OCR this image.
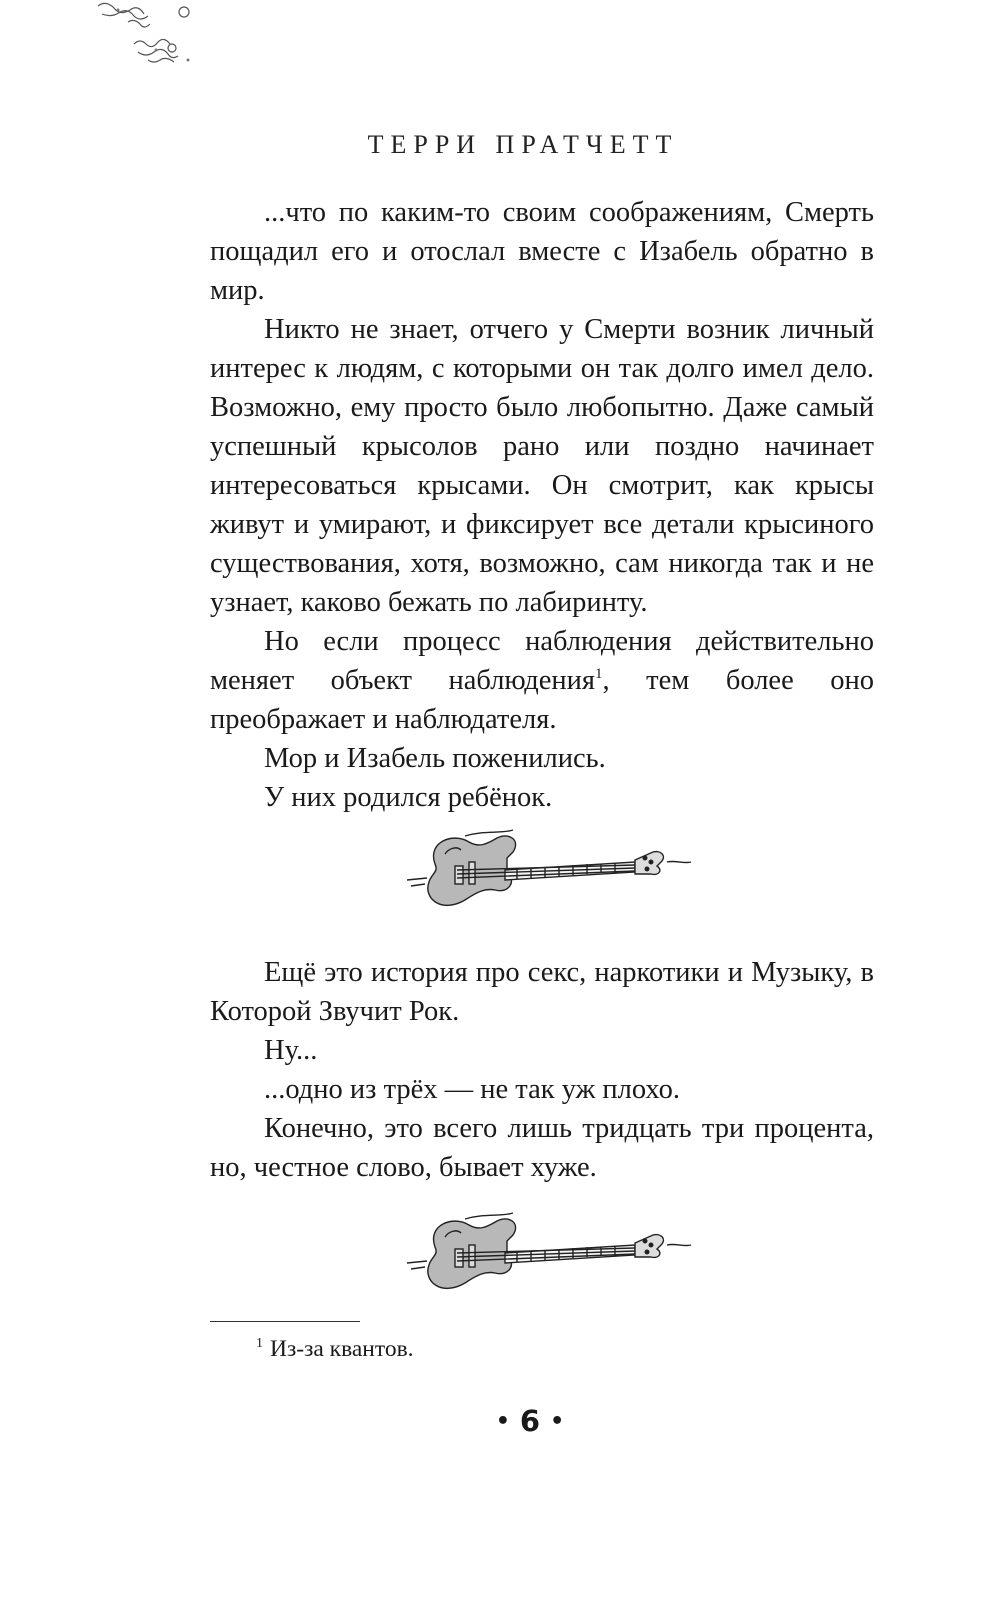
ТЕРРИ ПРАТЧЕТТ

...что по каким-то своим соображениям, Смерть пощадил его и отослал вместе с Изабель обратно в мир.

Никто не знает, отчего у Смерти возник личный интерес к людям, с которыми он так долго имел дело. Возможно, ему просто было любопытно. Даже самый успешный крысолов рано или поздно начинает интересоваться крысами. Он смотрит, как крысы живут и умирают, и фиксирует все детали крысиного существования, хотя, возможно, сам никогда так и не узнает, каково бежать по лабиринту.

Но если процесс наблюдения действительно меняет объект наблюдения$^1$, тем более оно преображает и наблюдателя.

Мор и Изабель поженились.

У них родился ребёнок.

Ещё это история про секс, наркотики и Музыку, в Которой Звучит Рок.

Ну...

...одно из трёх — не так уж плохо.

Конечно, это всего лишь тридцать три процента, но, честное слово, бывает хуже.

$^1$ Из-за квантов.
• 6 •
